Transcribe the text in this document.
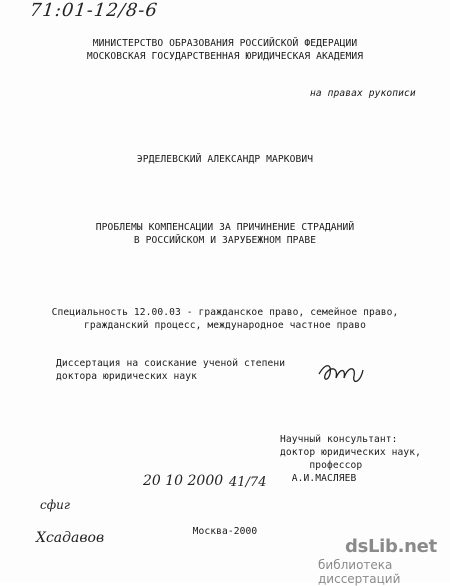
71:01-12/8-6
МИНИСТЕРСТВО ОБРАЗОВАНИЯ РОССИЙСКОЙ ФЕДЕРАЦИИ
МОСКОВСКАЯ ГОСУДАРСТВЕННАЯ ЮРИДИЧЕСКАЯ АКАДЕМИЯ
на правах рукописи
ЭРДЕЛЕВСКИЙ АЛЕКСАНДР МАРКОВИЧ
ПРОБЛЕМЫ КОМПЕНСАЦИИ ЗА ПРИЧИНЕНИЕ СТРАДАНИЙ
В РОССИЙСКОМ И ЗАРУБЕЖНОМ ПРАВЕ
Специальность 12.00.03 - гражданское право, семейное право,
гражданский процесс, международное частное право
Диссертация на соискание ученой степени
доктора юридических наук
Научный консультант:
доктор юридических наук,
профессор
А.И.МАСЛЯЕВ
20 10 2000 41/74
сфиг
Хсадавов	Москва-2000
dsLib.net
библиотека диссертаций
